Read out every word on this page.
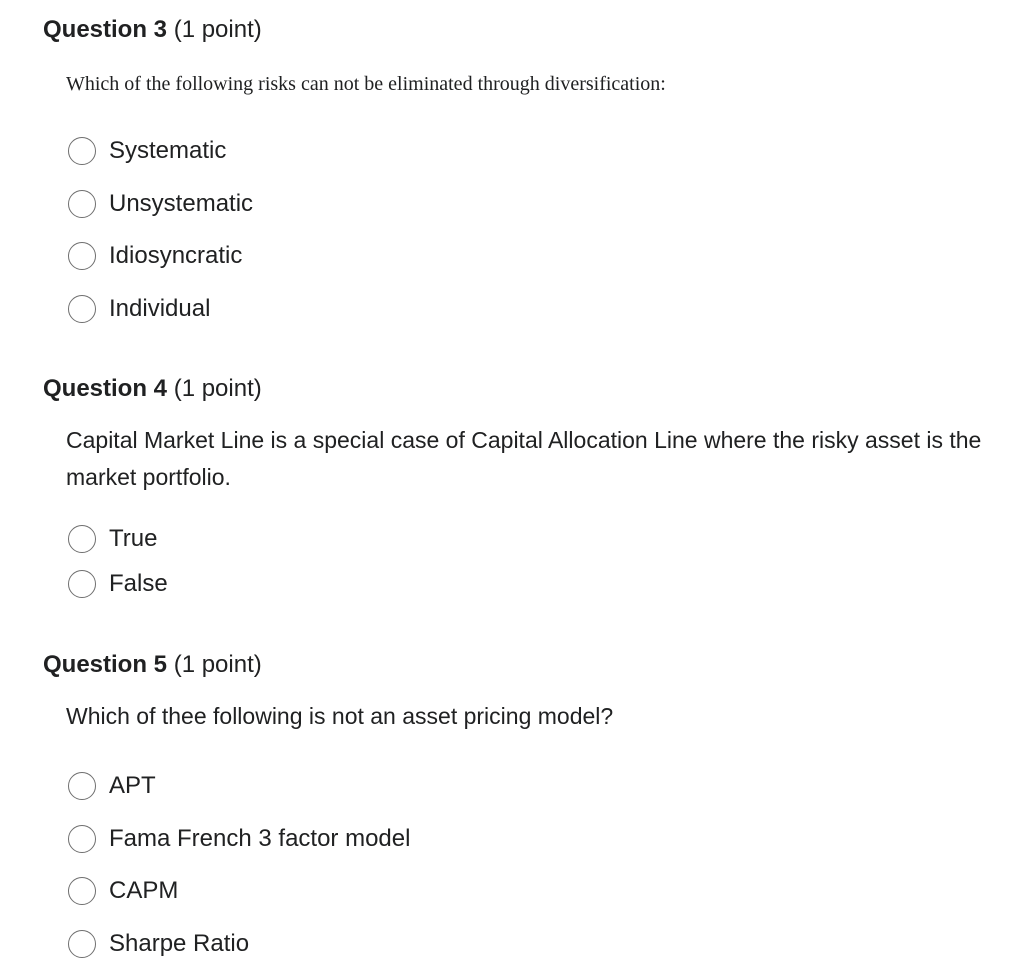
Question 3 (1 point)

Which of the following risks can not be eliminated through diversification:

Systematic
Unsystematic
Idiosyncratic
Individual
Question 4 (1 point)

Capital Market Line is a special case of Capital Allocation Line where the risky asset is the market portfolio.

True
False
Question 5 (1 point)

Which of thee following is not an asset pricing model?

APT
Fama French 3 factor model
CAPM
Sharpe Ratio
